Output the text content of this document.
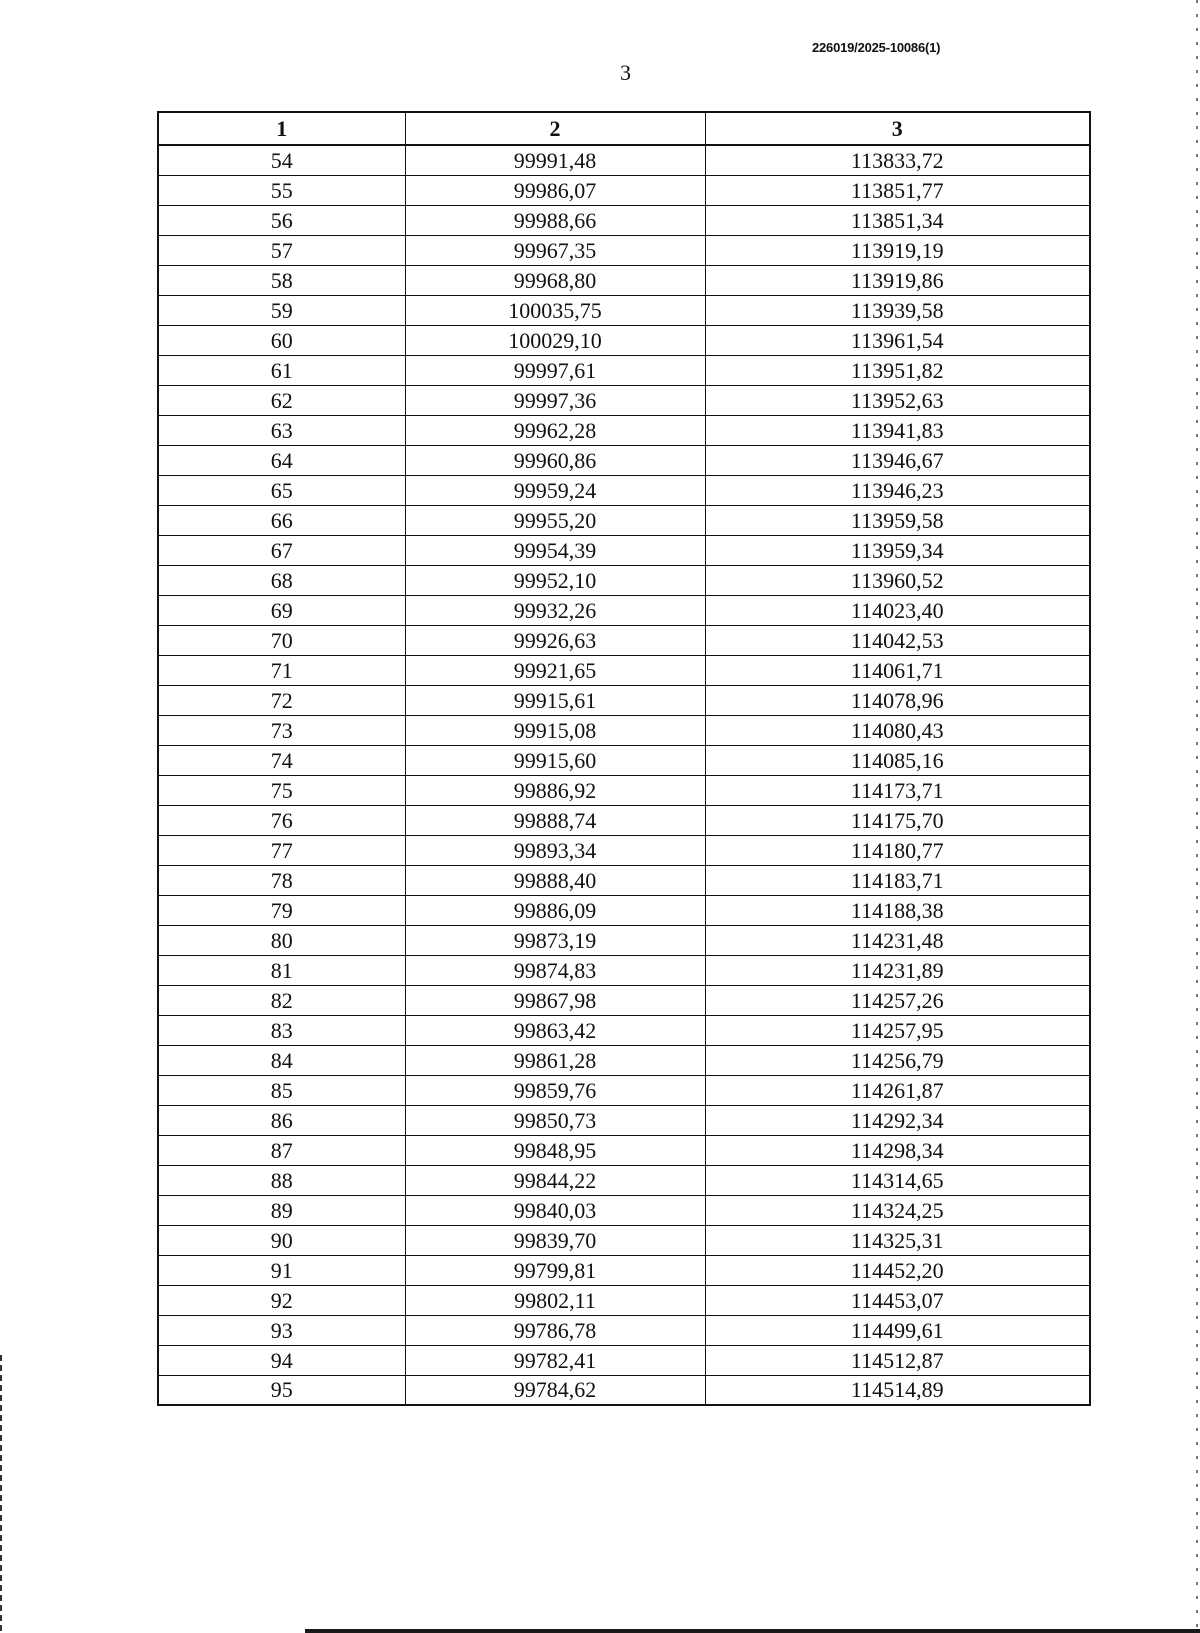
226019/2025-10086(1)
3
1	2	3
54	99991,48	113833,72
55	99986,07	113851,77
56	99988,66	113851,34
57	99967,35	113919,19
58	99968,80	113919,86
59	100035,75	113939,58
60	100029,10	113961,54
61	99997,61	113951,82
62	99997,36	113952,63
63	99962,28	113941,83
64	99960,86	113946,67
65	99959,24	113946,23
66	99955,20	113959,58
67	99954,39	113959,34
68	99952,10	113960,52
69	99932,26	114023,40
70	99926,63	114042,53
71	99921,65	114061,71
72	99915,61	114078,96
73	99915,08	114080,43
74	99915,60	114085,16
75	99886,92	114173,71
76	99888,74	114175,70
77	99893,34	114180,77
78	99888,40	114183,71
79	99886,09	114188,38
80	99873,19	114231,48
81	99874,83	114231,89
82	99867,98	114257,26
83	99863,42	114257,95
84	99861,28	114256,79
85	99859,76	114261,87
86	99850,73	114292,34
87	99848,95	114298,34
88	99844,22	114314,65
89	99840,03	114324,25
90	99839,70	114325,31
91	99799,81	114452,20
92	99802,11	114453,07
93	99786,78	114499,61
94	99782,41	114512,87
95	99784,62	114514,89
